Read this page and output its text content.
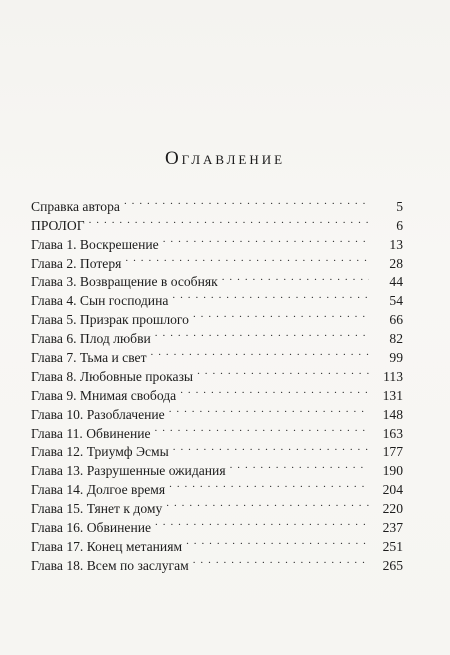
Оглавление
Справка автора . . .	5
ПРОЛОГ . . .	6
Глава 1. Воскрешение . . .	13
Глава 2. Потеря . . .	28
Глава 3. Возвращение в особняк . . .	44
Глава 4. Сын господина . . .	54
Глава 5. Призрак прошлого . . .	66
Глава 6. Плод любви . . .	82
Глава 7. Тьма и свет . . .	99
Глава 8. Любовные проказы . . .	113
Глава 9. Мнимая свобода . . .	131
Глава 10. Разоблачение . . .	148
Глава 11. Обвинение . . .	163
Глава 12. Триумф Эсмы . . .	177
Глава 13. Разрушенные ожидания . . .	190
Глава 14. Долгое время . . .	204
Глава 15. Тянет к дому . . .	220
Глава 16. Обвинение . . .	237
Глава 17. Конец метаниям . . .	251
Глава 18. Всем по заслугам . . .	265
